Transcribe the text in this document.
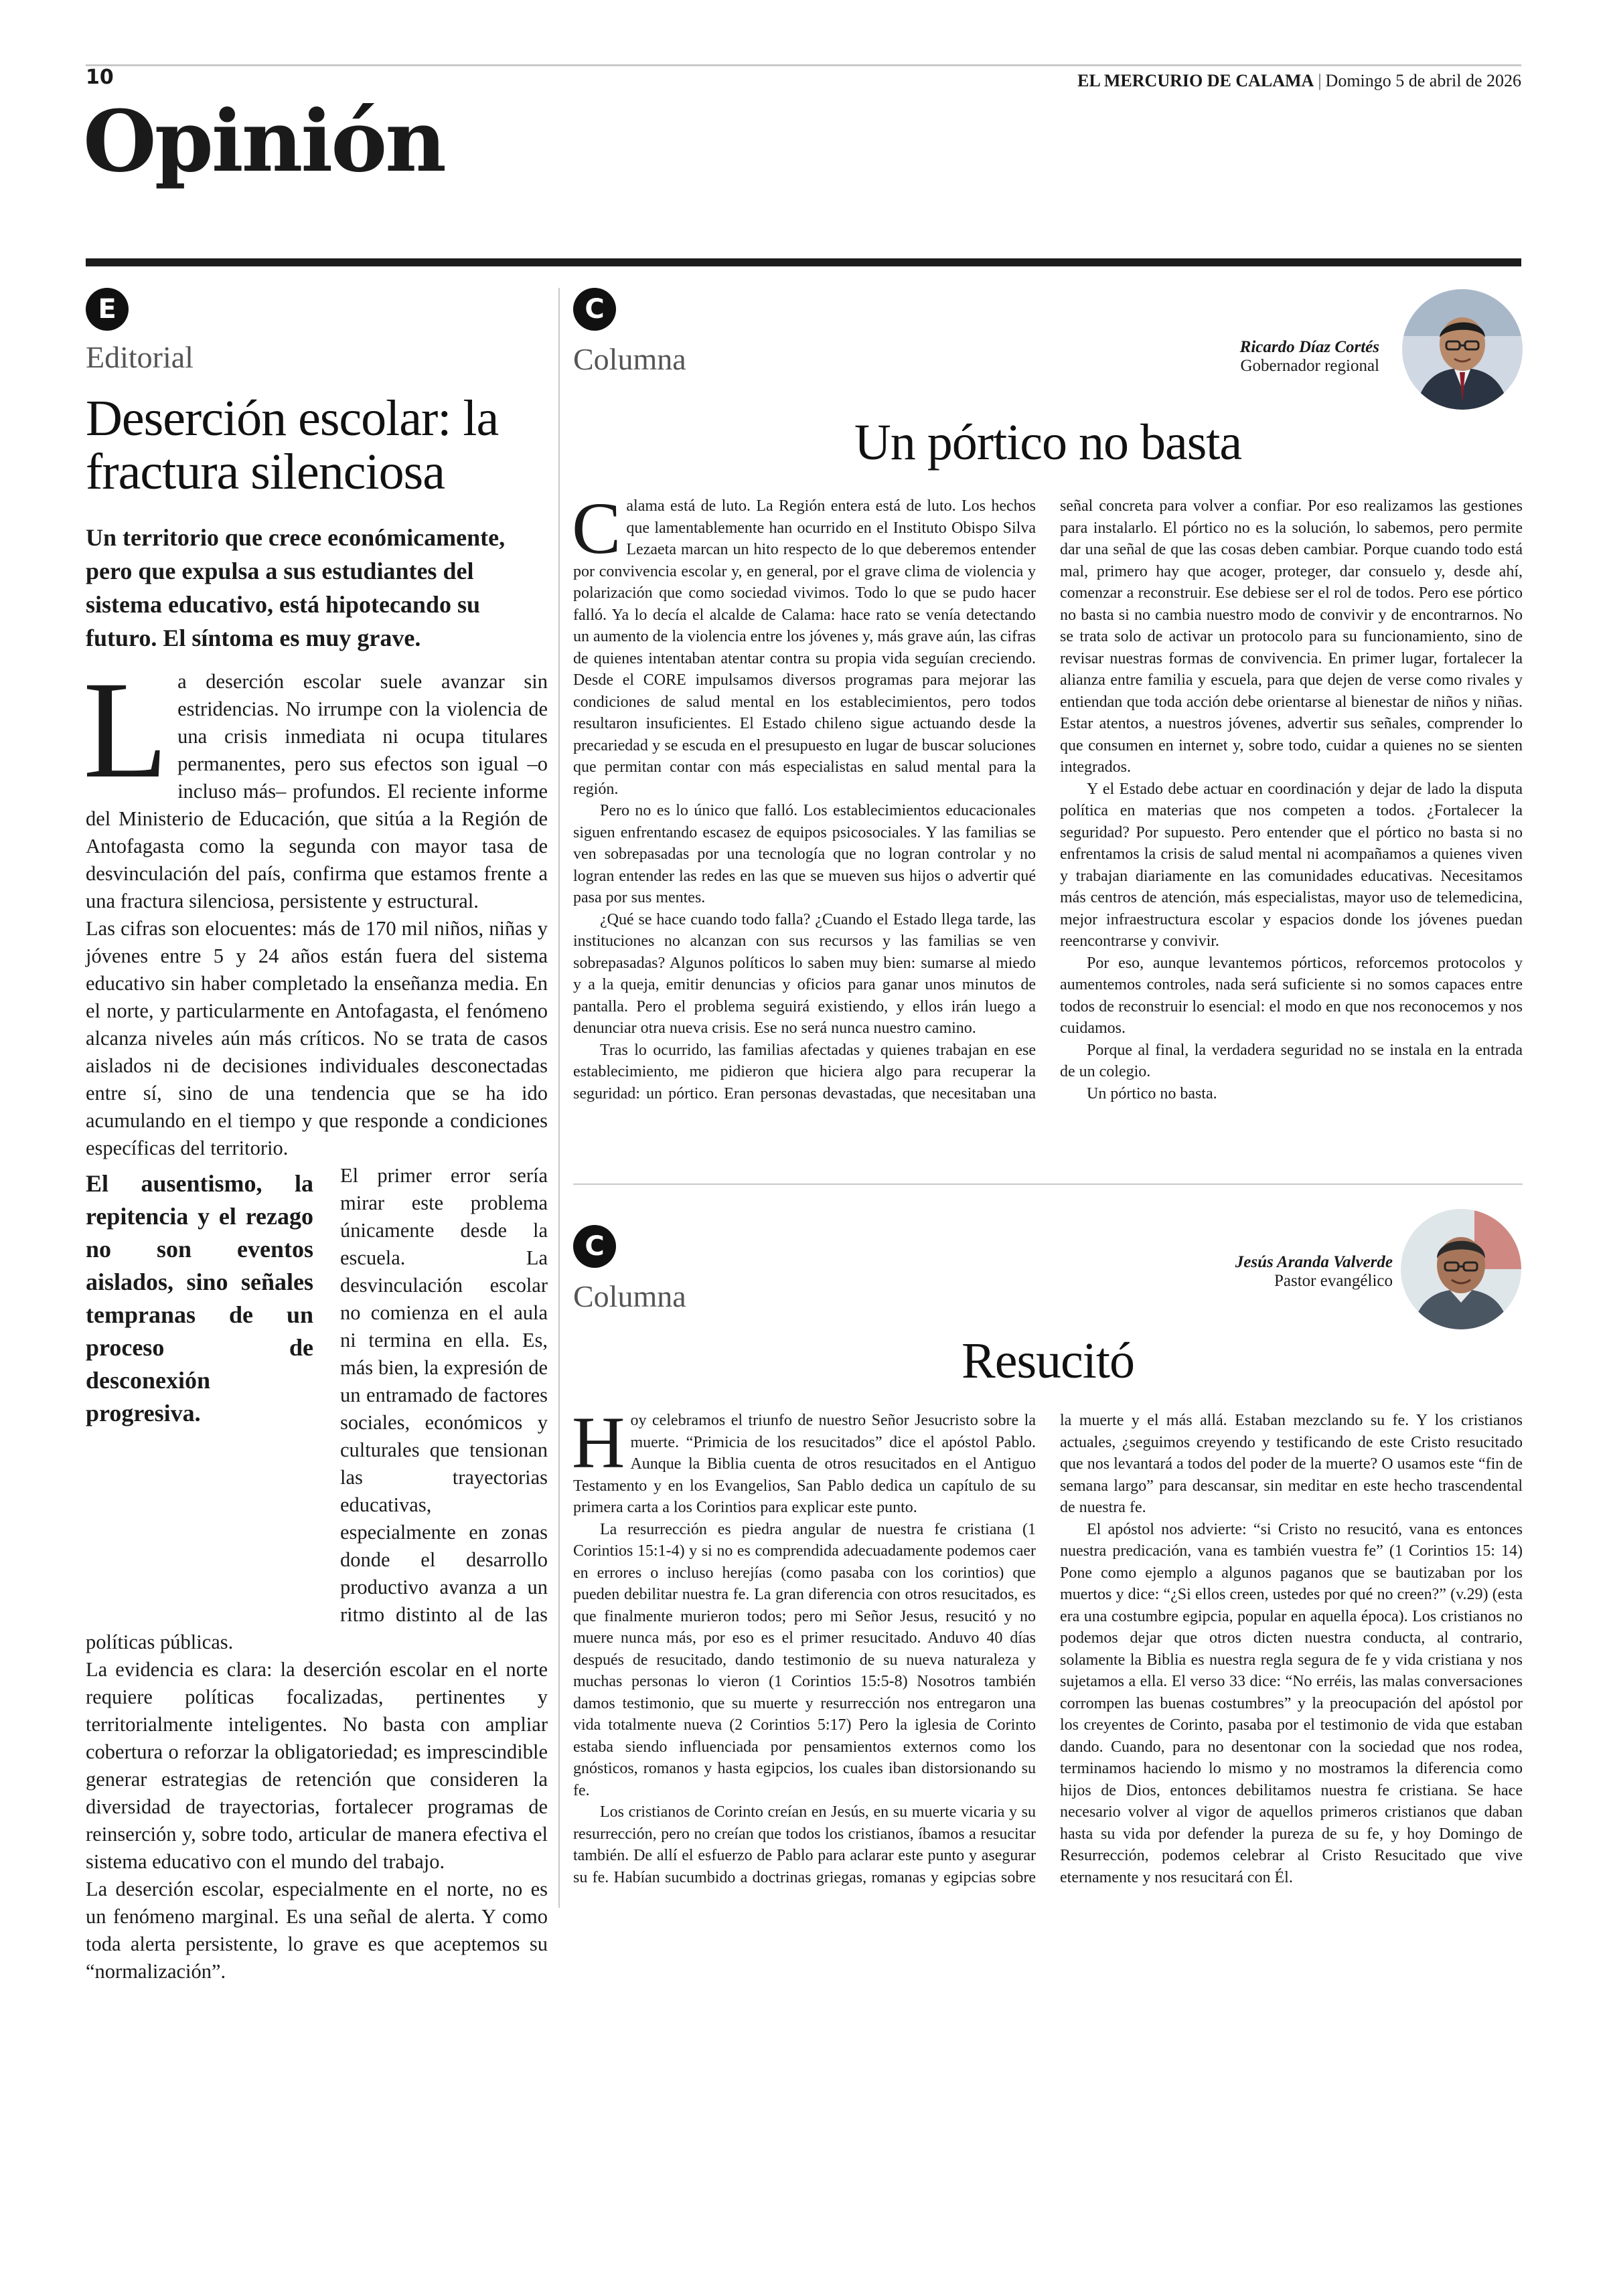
10	EL MERCURIO DE CALAMA | Domingo 5 de abril de 2026
Opinión
E
Editorial
Deserción escolar: la fractura silenciosa
Un territorio que crece económicamente, pero que expulsa a sus estudiantes del sistema educativo, está hipotecando su futuro. El síntoma es muy grave.

La deserción escolar suele avanzar sin estridencias. No irrumpe con la violencia de una crisis inmediata ni ocupa titulares permanentes, pero sus efectos son igual –o incluso más– profundos. El reciente informe del Ministerio de Educación, que sitúa a la Región de Antofagasta como la segunda con mayor tasa de desvinculación del país, confirma que estamos frente a una fractura silenciosa, persistente y estructural.

Las cifras son elocuentes: más de 170 mil niños, niñas y jóvenes entre 5 y 24 años están fuera del sistema educativo sin haber completado la enseñanza media. En el norte, y particularmente en Antofagasta, el fenómeno alcanza niveles aún más críticos. No se trata de casos aislados ni de decisiones individuales desconectadas entre sí, sino de una tendencia que se ha ido acumulando en el tiempo y que responde a condiciones específicas del territorio.

El ausentismo, la repitencia y el rezago no son eventos aislados, sino señales tempranas de un proceso de desconexión progresiva.

El primer error sería mirar este problema únicamente desde la escuela. La desvinculación escolar no comienza en el aula ni termina en ella. Es, más bien, la expresión de un entramado de factores sociales, económicos y culturales que tensionan las trayectorias educativas, especialmente en zonas donde el desarrollo productivo avanza a un ritmo distinto al de las políticas públicas.

La evidencia es clara: la deserción escolar en el norte requiere políticas focalizadas, pertinentes y territorialmente inteligentes. No basta con ampliar cobertura o reforzar la obligatoriedad; es imprescindible generar estrategias de retención que consideren la diversidad de trayectorias, fortalecer programas de reinserción y, sobre todo, articular de manera efectiva el sistema educativo con el mundo del trabajo.

La deserción escolar, especialmente en el norte, no es un fenómeno marginal. Es una señal de alerta. Y como toda alerta persistente, lo grave es que aceptemos su “normalización”.

C
Columna	Ricardo Díaz Cortés
Gobernador regional
Un pórtico no basta

Calama está de luto. La Región entera está de luto. Los hechos que lamentablemente han ocurrido en el Instituto Obispo Silva Lezaeta marcan un hito respecto de lo que deberemos entender por convivencia escolar y, en general, por el grave clima de violencia y polarización que como sociedad vivimos. Todo lo que se pudo hacer falló. Ya lo decía el alcalde de Calama: hace rato se venía detectando un aumento de la violencia entre los jóvenes y, más grave aún, las cifras de quienes intentaban atentar contra su propia vida seguían creciendo. Desde el CORE impulsamos diversos programas para mejorar las condiciones de salud mental en los establecimientos, pero todos resultaron insuficientes. El Estado chileno sigue actuando desde la precariedad y se escuda en el presupuesto en lugar de buscar soluciones que permitan contar con más especialistas en salud mental para la región.

Pero no es lo único que falló. Los establecimientos educacionales siguen enfrentando escasez de equipos psicosociales. Y las familias se ven sobrepasadas por una tecnología que no logran controlar y no logran entender las redes en las que se mueven sus hijos o advertir qué pasa por sus mentes.

¿Qué se hace cuando todo falla? ¿Cuando el Estado llega tarde, las instituciones no alcanzan con sus recursos y las familias se ven sobrepasadas? Algunos políticos lo saben muy bien: sumarse al miedo y a la queja, emitir denuncias y oficios para ganar unos minutos de pantalla. Pero el problema seguirá existiendo, y ellos irán luego a denunciar otra nueva crisis. Ese no será nunca nuestro camino.

Tras lo ocurrido, las familias afectadas y quienes trabajan en ese establecimiento, me pidieron que hiciera algo para recuperar la seguridad: un pórtico. Eran personas devastadas, que necesitaban una señal concreta para volver a confiar. Por eso realizamos las gestiones para instalarlo. El pórtico no es la solución, lo sabemos, pero permite dar una señal de que las cosas deben cambiar. Porque cuando todo está mal, primero hay que acoger, proteger, dar consuelo y, desde ahí, comenzar a reconstruir. Ese debiese ser el rol de todos. Pero ese pórtico no basta si no cambia nuestro modo de convivir y de encontrarnos. No se trata solo de activar un protocolo para su funcionamiento, sino de revisar nuestras formas de convivencia. En primer lugar, fortalecer la alianza entre familia y escuela, para que dejen de verse como rivales y entiendan que toda acción debe orientarse al bienestar de niños y niñas. Estar atentos, a nuestros jóvenes, advertir sus señales, comprender lo que consumen en internet y, sobre todo, cuidar a quienes no se sienten integrados.

Y el Estado debe actuar en coordinación y dejar de lado la disputa política en materias que nos competen a todos. ¿Fortalecer la seguridad? Por supuesto. Pero entender que el pórtico no basta si no enfrentamos la crisis de salud mental ni acompañamos a quienes viven y trabajan diariamente en las comunidades educativas. Necesitamos más centros de atención, más especialistas, mayor uso de telemedicina, mejor infraestructura escolar y espacios donde los jóvenes puedan reencontrarse y convivir.

Por eso, aunque levantemos pórticos, reforcemos protocolos y aumentemos controles, nada será suficiente si no somos capaces entre todos de reconstruir lo esencial: el modo en que nos reconocemos y nos cuidamos.

Porque al final, la verdadera seguridad no se instala en la entrada de un colegio.

Un pórtico no basta.

C
Columna
Jesús Aranda Valverde
Pastor evangélico
Resucitó

Hoy celebramos el triunfo de nuestro Señor Jesucristo sobre la muerte. “Primicia de los resucitados” dice el apóstol Pablo. Aunque la Biblia cuenta de otros resucitados en el Antiguo Testamento y en los Evangelios, San Pablo dedica un capítulo de su primera carta a los Corintios para explicar este punto.

La resurrección es piedra angular de nuestra fe cristiana (1 Corintios 15:1-4) y si no es comprendida adecuadamente podemos caer en errores o incluso herejías (como pasaba con los corintios) que pueden debilitar nuestra fe. La gran diferencia con otros resucitados, es que finalmente murieron todos; pero mi Señor Jesus, resucitó y no muere nunca más, por eso es el primer resucitado. Anduvo 40 días después de resucitado, dando testimonio de su nueva naturaleza y muchas personas lo vieron (1 Corintios 15:5-8) Nosotros también damos testimonio, que su muerte y resurrección nos entregaron una vida totalmente nueva (2 Corintios 5:17) Pero la iglesia de Corinto estaba siendo influenciada por pensamientos externos como los gnósticos, romanos y hasta egipcios, los cuales iban distorsionando su fe.

Los cristianos de Corinto creían en Jesús, en su muerte vicaria y su resurrección, pero no creían que todos los cristianos, íbamos a resucitar también. De allí el esfuerzo de Pablo para aclarar este punto y asegurar su fe. Habían sucumbido a doctrinas griegas, romanas y egipcias sobre la muerte y el más allá. Estaban mezclando su fe. Y los cristianos actuales, ¿seguimos creyendo y testificando de este Cristo resucitado que nos levantará a todos del poder de la muerte? O usamos este “fin de semana largo” para descansar, sin meditar en este hecho trascendental de nuestra fe.

El apóstol nos advierte: “si Cristo no resucitó, vana es entonces nuestra predicación, vana es también vuestra fe” (1 Corintios 15: 14) Pone como ejemplo a algunos paganos que se bautizaban por los muertos y dice: “¿Si ellos creen, ustedes por qué no creen?” (v.29) (esta era una costumbre egipcia, popular en aquella época). Los cristianos no podemos dejar que otros dicten nuestra conducta, al contrario, solamente la Biblia es nuestra regla segura de fe y vida cristiana y nos sujetamos a ella. El verso 33 dice: “No erréis, las malas conversaciones corrompen las buenas costumbres” y la preocupación del apóstol por los creyentes de Corinto, pasaba por el testimonio de vida que estaban dando. Cuando, para no desentonar con la sociedad que nos rodea, terminamos haciendo lo mismo y no mostramos la diferencia como hijos de Dios, entonces debilitamos nuestra fe cristiana. Se hace necesario volver al vigor de aquellos primeros cristianos que daban hasta su vida por defender la pureza de su fe, y hoy Domingo de Resurrección, podemos celebrar al Cristo Resucitado que vive eternamente y nos resucitará con Él.
